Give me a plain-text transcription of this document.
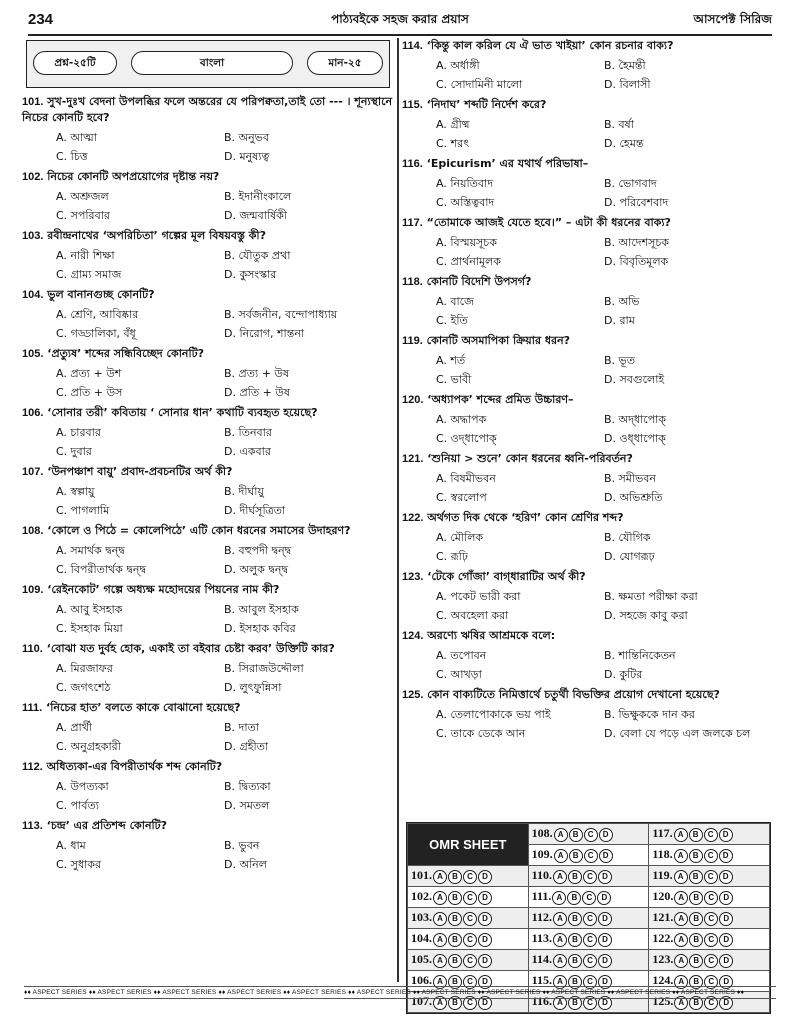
234	পাঠ্যবইকে সহজ করার প্রয়াস	আসপেক্ট সিরিজ
প্রশ্ন-২৫টি	বাংলা	মান-২৫
101. সুখ-দুঃখ বেদনা উপলব্ধির ফলে অন্তরের যে পরিপক্বতা,তাই তো --- । শূন্যস্থানে নিচের কোনটি হবে?
A. আত্মা	B. অনুভব
C. চিত্ত	D. মনুষ্যত্ব
102. নিচের কোনটি অপপ্রয়োগের দৃষ্টান্ত নয়?
A. অশ্রুজল	B. ইদানীংকালে
C. সপরিবার	D. জন্মবার্ষিকী
103. রবীন্দ্রনাথের ‘অপরিচিতা’ গল্পের মূল বিষয়বস্তু কী?
A. নারী শিক্ষা	B. যৌতুক প্রথা
C. গ্রাম্য সমাজ	D. কুসংস্কার
104. ভুল বানানগুচ্ছ কোনটি?
A. শ্রেণি, আবিষ্কার	B. সর্বজনীন, বন্দোপাধ্যায়
C. গড্ডালিকা, বঁধূ	D. নিরোগ, শান্তনা
105. ‘প্রত্যুষ’ শব্দের সন্ধিবিচ্ছেদ কোনটি?
A. প্রত্য + উশ	B. প্রত্য + উষ
C. প্রতি + উস	D. প্রতি + উষ
106. ‘সোনার তরী’ কবিতায় ‘ সোনার ধান’ কথাটি ব্যবহৃত হয়েছে?
A. চারবার	B. তিনবার
C. দুবার	D. একবার
107. ‘উনপঞ্চাশ বায়ু’ প্রবাদ-প্রবচনটির অর্থ কী?
A. স্বল্পায়ু	B. দীর্ঘায়ু
C. পাগলামি	D. দীর্ঘসূত্রিতা
108. ‘কোলে ও পিঠে = কোলেপিঠে’ এটি কোন ধরনের সমাসের উদাহরণ?
A. সমার্থক দ্বন্দ্ব	B. বহুপদী দ্বন্দ্ব
C. বিপরীতার্থক দ্বন্দ্ব	D. অলুক দ্বন্দ্ব
109. ‘রেইনকোট’ গল্পে অধ্যক্ষ মহোদয়ের পিয়নের নাম কী?
A. আবু ইসহাক	B. আবুল ইসহাক
C. ইসহাক মিয়া	D. ইসহাক কবির
110. ‘বোঝা যত দুর্বহ হোক, একাই তা বইবার চেষ্টা করব’ উক্তিটি কার?
A. মিরজাফর	B. সিরাজউদ্দৌলা
C. জগৎশেঠ	D. লুৎফুন্নিসা
111. ‘নিচের হাত’ বলতে কাকে বোঝানো হয়েছে?
A. প্রার্থী	B. দাতা
C. অনুগ্রহকারী	D. গ্রহীতা
112. অধিত্যকা-এর বিপরীতার্থক শব্দ কোনটি?
A. উপত্যকা	B. দ্বিত্যকা
C. পার্বত্য	D. সমতল
113. ‘চন্দ্র’ এর প্রতিশব্দ কোনটি?
A. ধাম	B. ভুবন
C. সুধাকর	D. অনিল
114. ‘কিন্তু কাল করিল যে ঐ ভাত খাইয়া’ কোন রচনার বাক্য?
A. অর্ধাঙ্গী	B. হৈমন্তী
C. সোদামিনী মালো	D. বিলাসী
115. ‘নিদাঘ’ শব্দটি নির্দেশ করে?
A. গ্রীষ্ম	B. বর্ষা
C. শরৎ	D. হেমন্ত
116. ‘Epicurism’ এর যথার্থ পরিভাষা–
A. নিয়তিবাদ	B. ভোগবাদ
C. অস্তিত্ববাদ	D. পরিবেশবাদ
117. “তোমাকে আজই যেতে হবে।” – এটা কী ধরনের বাক্য?
A. বিস্ময়সূচক	B. আদেশসূচক
C. প্রার্থনামূলক	D. বিবৃতিমূলক
118. কোনটি বিদেশি উপসর্গ?
A. বাজে	B. অভি
C. ইতি	D. রাম
119. কোনটি অসমাপিকা ক্রিয়ার ধরন?
A. শর্ত	B. ভূত
C. ভাবী	D. সবগুলোই
120. ‘অধ্যাপক’ শব্দের প্রমিত উচ্চারণ–
A. অদ্ধাপক	B. অদ্‌ধাপোক্
C. ওদ্‌ধাপোক্	D. ওধ্‌ধাপোক্
121. ‘শুনিয়া > শুনে’ কোন ধরনের ধ্বনি-পরিবর্তন?
A. বিষমীভবন	B. সমীভবন
C. স্বরলোপ	D. অভিশ্রুতি
122. অর্থগত দিক থেকে ‘হরিণ’ কোন শ্রেণির শব্দ?
A. মৌলিক	B. যৌগিক
C. রূঢ়ি	D. যোগরূঢ়
123. ‘টেকে গোঁজা’ বাগ্‌ধারাটির অর্থ কী?
A. পকেট ভারী করা	B. ক্ষমতা পরীক্ষা করা
C. অবহেলা করা	D. সহজে কাবু করা
124. অরণ্যে ঋষির আশ্রমকে বলে:
A. তপোবন	B. শান্তিনিকেতন
C. আখড়া	D. কুটির
125. কোন বাক্যটিতে নিমিত্তার্থে চতুর্থী বিভক্তির প্রয়োগ দেখানো হয়েছে?
A. তেলাপোকাকে ভয় পাই	B. ভিক্ষুককে দান কর
C. তাকে ডেকে আন	D. বেলা যে পড়ে এল জলকে চল
OMR SHEET	108. A B C D	117. A B C D
	109. A B C D	118. A B C D
101. A B C D	110. A B C D	119. A B C D
102. A B C D	111. A B C D	120. A B C D
103. A B C D	112. A B C D	121. A B C D
104. A B C D	113. A B C D	122. A B C D
105. A B C D	114. A B C D	123. A B C D
106. A B C D	115. A B C D	124. A B C D
107. A B C D	116. A B C D	125. A B C D
♦♦ ASPECT SERIES ♦♦ ASPECT SERIES ♦♦ ASPECT SERIES ♦♦ ASPECT SERIES ♦♦ ASPECT SERIES ♦♦ ASPECT SERIES ♦♦ ASPECT SERIES ♦♦ ASPECT SERIES ♦♦ ASPECT SERIES ♦♦ ASPECT SERIES ♦♦ ASPECT SERIES ♦♦
